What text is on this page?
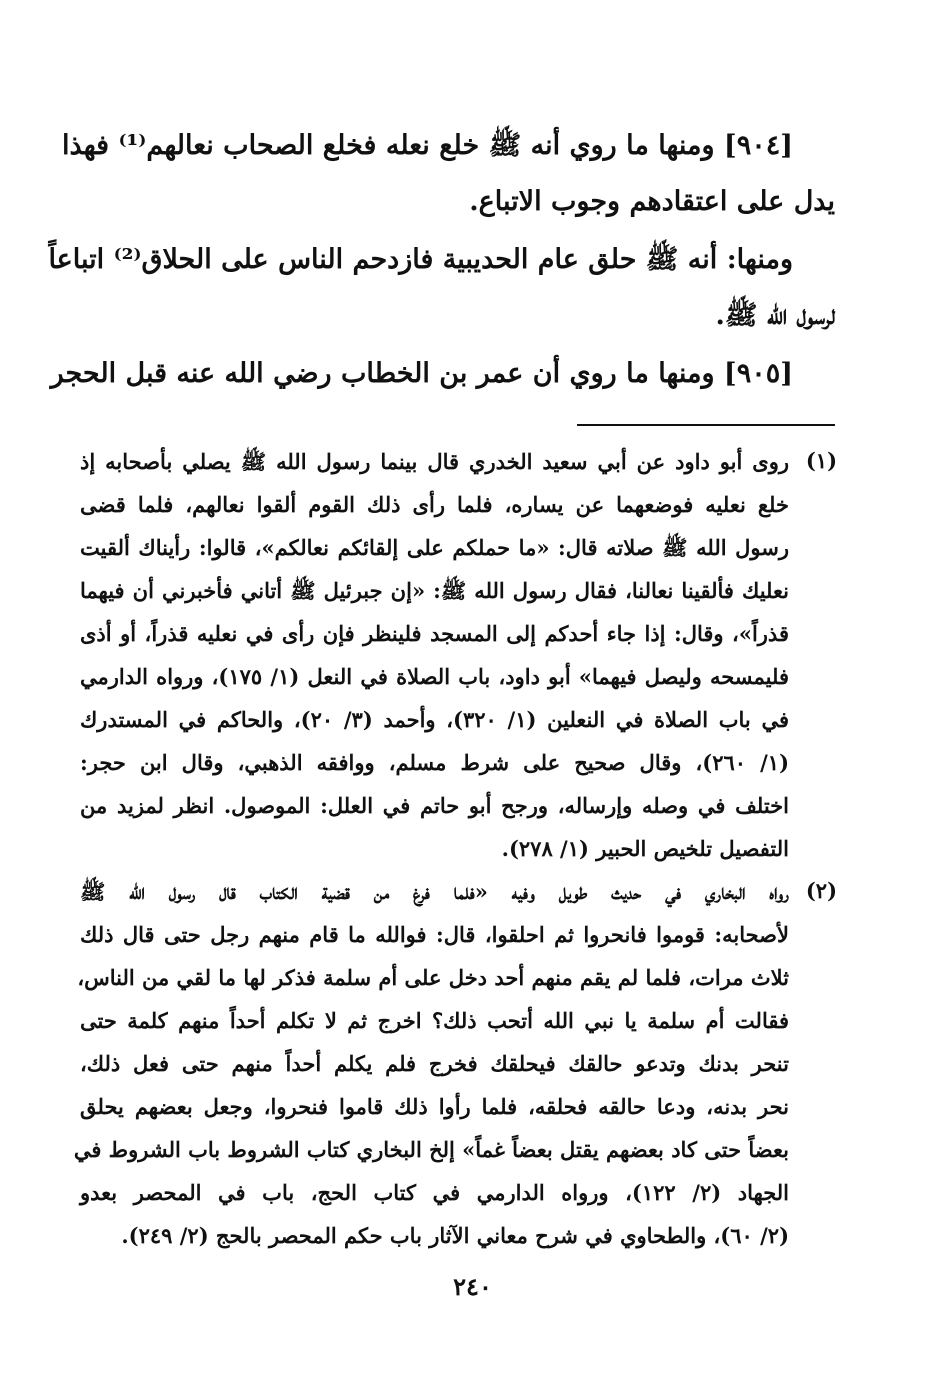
[٩٠٤] ومنها ما روي أنه ﷺ خلع نعله فخلع الصحاب نعالهم⁽¹⁾ فهذا
يدل على اعتقادهم وجوب الاتباع.
ومنها: أنه ﷺ حلق عام الحديبية فازدحم الناس على الحلاق⁽²⁾ اتباعاً
لرسول الله ﷺ.
[٩٠٥] ومنها ما روي أن عمر بن الخطاب رضي الله عنه قبل الحجر
(١)
روى أبو داود عن أبي سعيد الخدري قال بينما رسول الله ﷺ يصلي بأصحابه إذ
خلع نعليه فوضعهما عن يساره، فلما رأى ذلك القوم ألقوا نعالهم، فلما قضى
رسول الله ﷺ صلاته قال: «ما حملكم على إلقائكم نعالكم»، قالوا: رأيناك ألقيت
نعليك فألقينا نعالنا، فقال رسول الله ﷺ: «إن جبرئيل ﷺ أتاني فأخبرني أن فيهما
قذراً»، وقال: إذا جاء أحدكم إلى المسجد فلينظر فإن رأى في نعليه قذراً، أو أذى
فليمسحه وليصل فيهما» أبو داود، باب الصلاة في النعل (١/ ١٧٥)، ورواه الدارمي
في باب الصلاة في النعلين (١/ ٣٢٠)، وأحمد (٣/ ٢٠)، والحاكم في المستدرك
(١/ ٢٦٠)، وقال صحيح على شرط مسلم، ووافقه الذهبي، وقال ابن حجر:
اختلف في وصله وإرساله، ورجح أبو حاتم في العلل: الموصول. انظر لمزيد من
التفصيل تلخيص الحبير (١/ ٢٧٨).
(٢)
رواه البخاري في حديث طويل وفيه «فلما فرغ من قضية الكتاب قال رسول الله ﷺ
لأصحابه: قوموا فانحروا ثم احلقوا، قال: فوالله ما قام منهم رجل حتى قال ذلك
ثلاث مرات، فلما لم يقم منهم أحد دخل على أم سلمة فذكر لها ما لقي من الناس،
فقالت أم سلمة يا نبي الله أتحب ذلك؟ اخرج ثم لا تكلم أحداً منهم كلمة حتى
تنحر بدنك وتدعو حالقك فيحلقك فخرج فلم يكلم أحداً منهم حتى فعل ذلك،
نحر بدنه، ودعا حالقه فحلقه، فلما رأوا ذلك قاموا فنحروا، وجعل بعضهم يحلق
بعضاً حتى كاد بعضهم يقتل بعضاً غماً» إلخ البخاري كتاب الشروط باب الشروط في
الجهاد (٢/ ١٢٢)، ورواه الدارمي في كتاب الحج، باب في المحصر بعدو
(٢/ ٦٠)، والطحاوي في شرح معاني الآثار باب حكم المحصر بالحج (٢/ ٢٤٩).
٢٤٠
